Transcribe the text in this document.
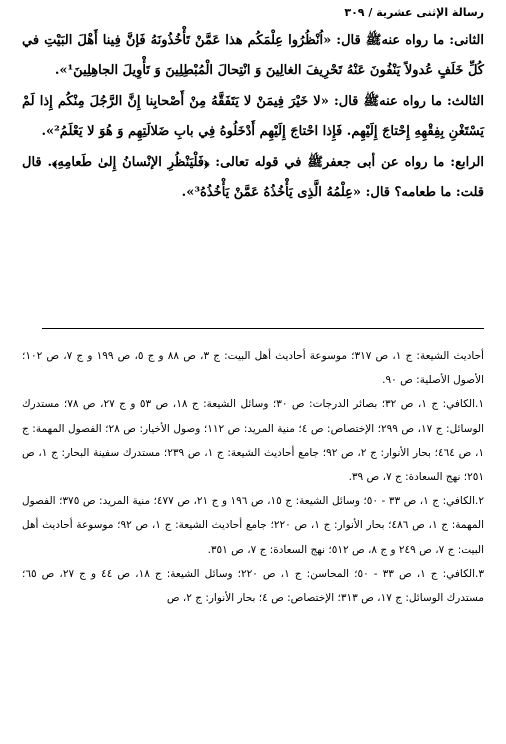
رسالة الإثنى عشرية / ٣٠٩

الثانى: ما رواه عنهﷺ قال: «اُنْظُرُوا عِلْمَكُم هذا عَمَّنْ تَأْخُذُونَهُ فَإنَّ فِينا أَهْلَ البَيْتِ في كُلِّ خَلَفٍ عُدولاً يَنْفُونَ عَنْهُ تَحْرِيفَ الغالِينَ وَ انْتِحالَ الْمُبْطِلِينَ وَ تَأْوِيلَ الجاهِلِينَ¹».

الثالث: ما رواه عنهﷺ قال: «لا خَيْرَ فِيمَنْ لا يَتَفَقَّهُ مِنْ أَصْحابِنا إِنَّ الرَّجُلَ مِنْكُم إِذا لَمْ يَسْتَغْنِ بِفِقْهِهِ إِحْتاجَ إِلَيْهِم. فَإِذا احْتاجَ إِلَيْهِم أَدْخَلُوهُ فِي بابِ ضَلالَتِهِم وَ هُوَ لا يَعْلَمُ²».

الرابع: ما رواه عن أبى جعفرﷺ في قوله تعالى: ﴿فَلْيَنْظُرِ الإنْسانُ إِلىٰ طَعامِهِ﴾. قال قلت: ما طعامه؟ قال: «عِلْمُهُ الَّذِى يَأْخُذُهُ عَمَّنْ يَأْخُذُهُ³».

أحاديث الشيعة: ج ١، ص ٣١٧؛ موسوعة أحاديث أهل البيت: ج ٣، ص ٨٨ و ج ٥، ص ١٩٩ و ج ٧، ص ١٠٢؛ الأصول الأصلية: ص ٩٠.

١.الكافي: ج ١، ص ٣٢؛ بصائر الدرجات: ص ٣٠؛ وسائل الشيعة: ج ١٨، ص ٥٣ و ج ٢٧، ص ٧٨؛ مستدرك الوسائل: ج ١٧، ص ٢٩٩؛ الإختصاص: ص ٤؛ منية المريد: ص ١١٢؛ وصول الأخيار: ص ٢٨؛ الفصول المهمة: ج ١، ص ٤٦٤؛ بحار الأنوار: ج ٢، ص ٩٢؛ جامع أحاديث الشيعة: ج ١، ص ٢٣٩؛ مستدرك سفينة البحار: ج ١، ص ٢٥١؛ نهج السعادة: ج ٧، ص ٣٩.

٢.الكافي: ج ١، ص ٣٣ - ٥٠؛ وسائل الشيعة: ج ١٥، ص ١٩٦ و ج ٢١، ص ٤٧٧؛ منية المريد: ص ٣٧٥؛ الفصول المهمة: ج ١، ص ٤٨٦؛ بحار الأنوار: ج ١، ص ٢٢٠؛ جامع أحاديث الشيعة: ج ١، ص ٩٢؛ موسوعة أحاديث أهل البيت: ج ٧، ص ٢٤٩ و ج ٨، ص ٥١٢؛ نهج السعادة: ج ٧، ص ٣٥١.

٣.الكافي: ج ١، ص ٣٣ - ٥٠؛ المحاسن: ج ١، ص ٢٢٠؛ وسائل الشيعة: ج ١٨، ص ٤٤ و ج ٢٧، ص ٦٥؛ مستدرك الوسائل: ج ١٧، ص ٣١٣؛ الإختصاص: ص ٤؛ بحار الأنوار: ج ٢، ص
